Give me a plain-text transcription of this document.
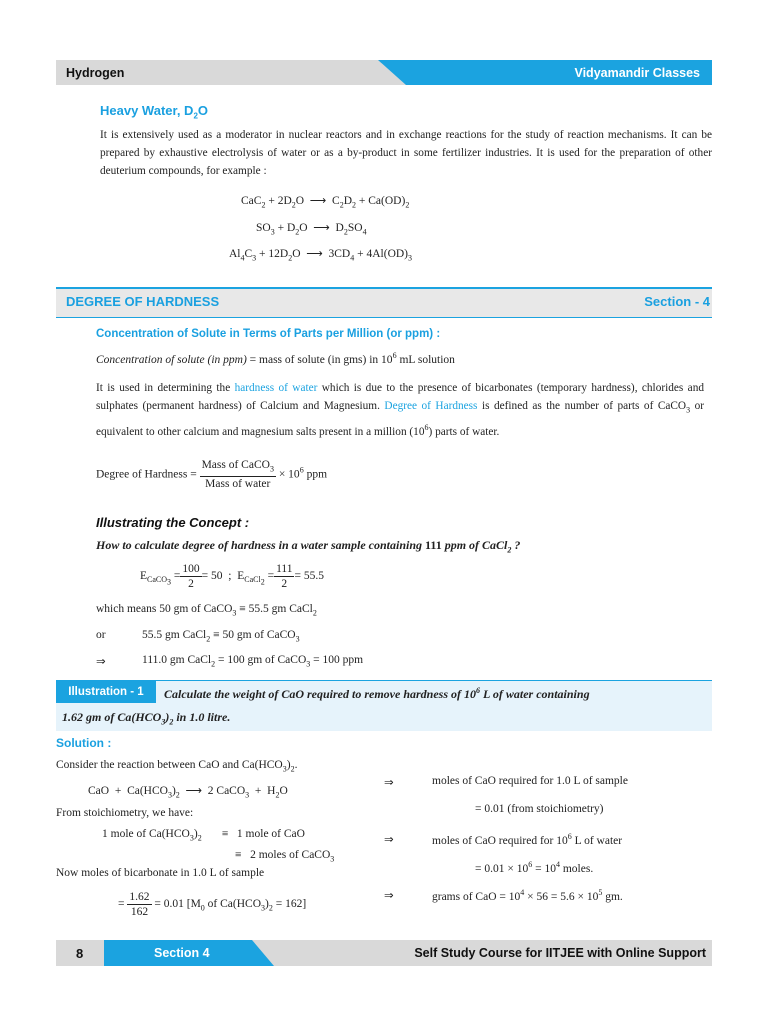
Hydrogen	Vidyamandir Classes
Heavy Water, $D_2O$
It is extensively used as a moderator in nuclear reactors and in exchange reactions for the study of reaction mechanisms. It can be prepared by exhaustive electrolysis of water or as a by-product in some fertilizer industries. It is used for the preparation of other deuterium compounds, for example :
$CaC_2 + 2D_2O$  ⟶  $C_2D_2 + Ca(OD)_2$
$SO_3 + D_2O$  ⟶  $D_2SO_4$
$Al_4C_3 + 12D_2O$  ⟶  $3CD_4 + 4Al(OD)_3$
DEGREE OF HARDNESS	Section - 4
Concentration of Solute in Terms of Parts per Million (or ppm) :
Concentration of solute (in ppm) = mass of solute (in gms) in $10^6$ mL solution
It is used in determining the hardness of water which is due to the presence of bicarbonates (temporary hardness), chlorides and sulphates (permanent hardness) of Calcium and Magnesium. Degree of Hardness is defined as the number of parts of CaCO$_3$ or equivalent to other calcium and magnesium salts present in a million $(10^6)$ parts of water.
Degree of Hardness = $\frac{Mass of CaCO_3}{\text{Mass of water}} \times 10^6$ ppm
Illustrating the Concept :
How to calculate degree of hardness in a water sample containing 111 ppm of CaCl$_2$ ?
$E_{CaCO_3} = \frac{100}{2} = 50$  ;  $E_{CaCl_2} = \frac{111}{2} = 55.5$
which means 50 gm of CaCO$_3$ ≡ 55.5 gm CaCl$_2$
or	55.5 gm CaCl$_2$ ≡ 50 gm of CaCO$_3$
⇒	111.0 gm CaCl$_2$ = 100 gm of CaCO$_3$ = 100 ppm
Illustration - 1	Calculate the weight of CaO required to remove hardness of $10^6$ L of water containing
1.62 gm of $Ca(HCO_3)_2$ in 1.0 litre.
Solution :
Consider the reaction between CaO and $Ca(HCO_3)_2$.
CaO  +  $Ca(HCO_3)_2$  ⟶  2 CaCO$_3$  +  $H_2O$
From stoichiometry, we have:
1 mole of $Ca(HCO_3)_2$       ≡   1 mole of CaO
≡   2 moles of CaCO$_3$
Now moles of bicarbonate in 1.0 L of sample
= $\frac{1.62}{162} = 0.01$ [$M_0$ of $Ca(HCO_3)_2 = 162$]
⇒	moles of CaO required for 1.0 L of sample
= 0.01 (from stoichiometry)
⇒	moles of CaO required for $10^6$ L of water
= $0.01 \times 10^6 = 10^4$ moles.
⇒	grams of CaO = $10^4 \times 56 = 5.6 \times 10^5$ gm.
8	Section 4	Self Study Course for IITJEE with Online Support
